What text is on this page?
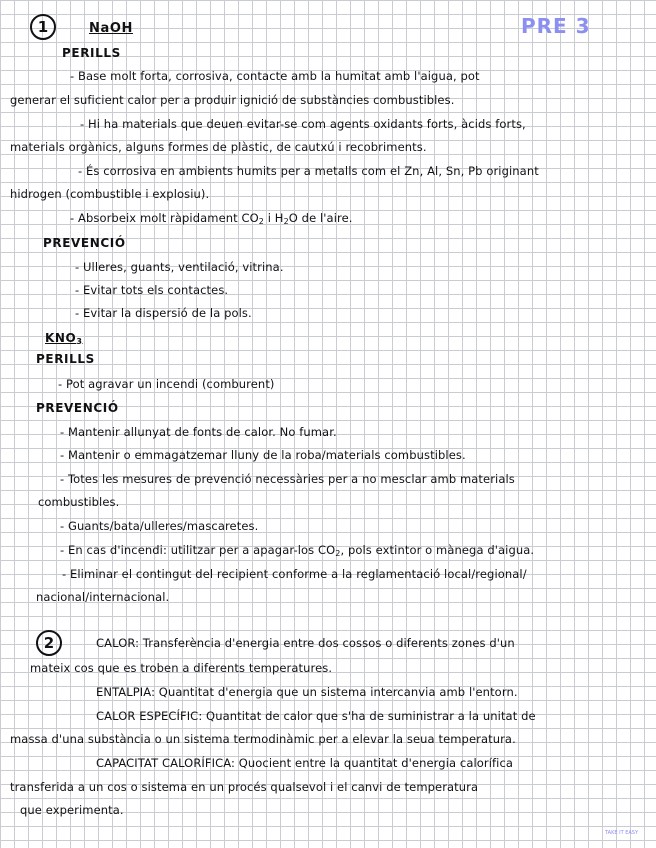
1	NaOH	PRE 3
PERILLS
- Base molt forta, corrosiva, contacte amb la humitat amb l'aigua, pot
generar el suficient calor per a produir ignició de substàncies combustibles.
- Hi ha materials que deuen evitar-se com agents oxidants forts, àcids forts,
materials orgànics, alguns formes de plàstic, de cautxú i recobriments.
- És corrosiva en ambients humits per a metalls com el Zn, Al, Sn, Pb originant
hidrogen (combustible i explosiu).
- Absorbeix molt ràpidament $CO_2$ i $H_2O$ de l'aire.
PREVENCIÓ
- Ulleres, guants, ventilació, vitrina.
- Evitar tots els contactes.
- Evitar la dispersió de la pols.
$KNO_3$
PERILLS
- Pot agravar un incendi (comburent)
PREVENCIÓ
- Mantenir allunyat de fonts de calor. No fumar.
- Mantenir o emmagatzemar lluny de la roba/materials combustibles.
- Totes les mesures de prevenció necessàries per a no mesclar amb materials
combustibles.
- Guants/bata/ulleres/mascaretes.
- En cas d'incendi: utilitzar per a apagar-los $CO_2$, pols extintor o mànega d'aigua.
- Eliminar el contingut del recipient conforme a la reglamentació local/regional/
nacional/internacional.
2	CALOR: Transferència d'energia entre dos cossos o diferents zones d'un
mateix cos que es troben a diferents temperatures.
ENTALPIA: Quantitat d'energia que un sistema intercanvia amb l'entorn.
CALOR ESPECÍFIC: Quantitat de calor que s'ha de suministrar a la unitat de
massa d'una substància o un sistema termodinàmic per a elevar la seua temperatura.
CAPACITAT CALORÍFICA: Quocient entre la quantitat d'energia calorífica
transferida a un cos o sistema en un procés qualsevol i el canvi de temperatura
que experimenta.
TAKE IT EASY
